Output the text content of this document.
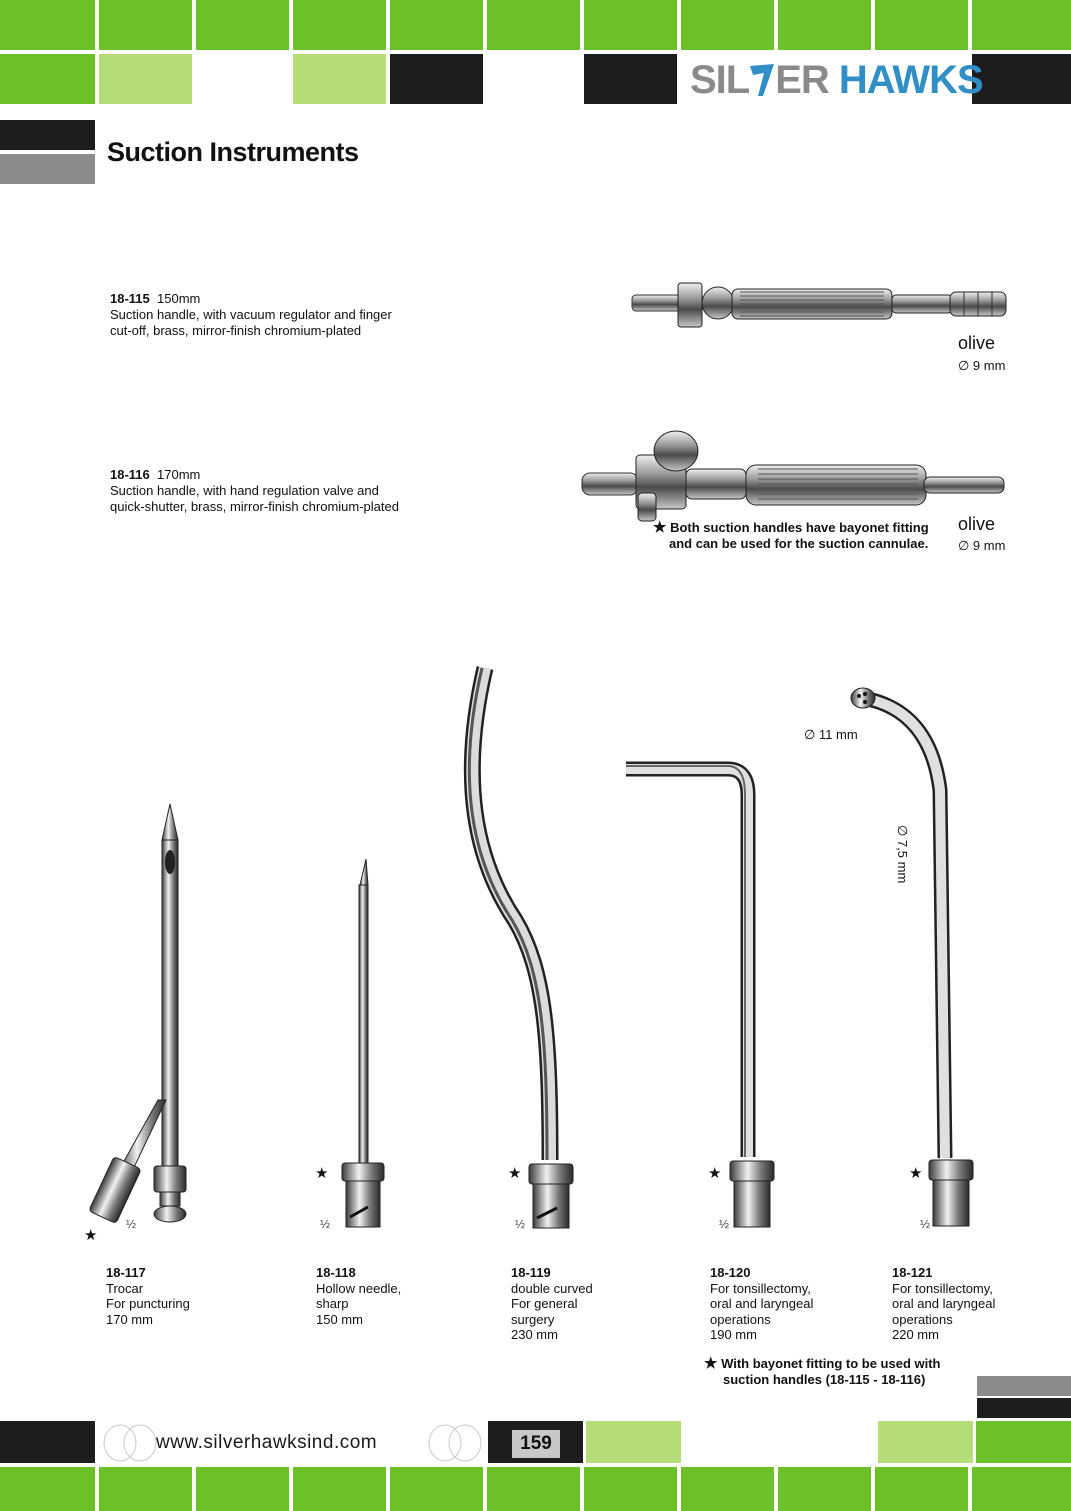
SIL ER HAWKS
Suction Instruments
18-115 150mm
Suction handle, with vacuum regulator and finger
cut-off, brass, mirror-finish chromium-plated
olive
∅ 9 mm
18-116 170mm
Suction handle, with hand regulation valve and
quick-shutter, brass, mirror-finish chromium-plated
★ Both suction handles have bayonet fitting
and can be used for the suction cannulae.
olive
∅ 9 mm
∅ 11 mm
∅ 7,5 mm
★
½
★
½
★
½
★
½
★
½
18-117
Trocar
For puncturing
170 mm
18-118
Hollow needle,
sharp
150 mm
18-119
double curved
For general
surgery
230 mm
18-120
For tonsillectomy,
oral and laryngeal
operations
190 mm
18-121
For tonsillectomy,
oral and laryngeal
operations
220 mm
★ With bayonet fitting to be used with
suction handles (18-115 - 18-116)
www.silverhawksind.com	159
